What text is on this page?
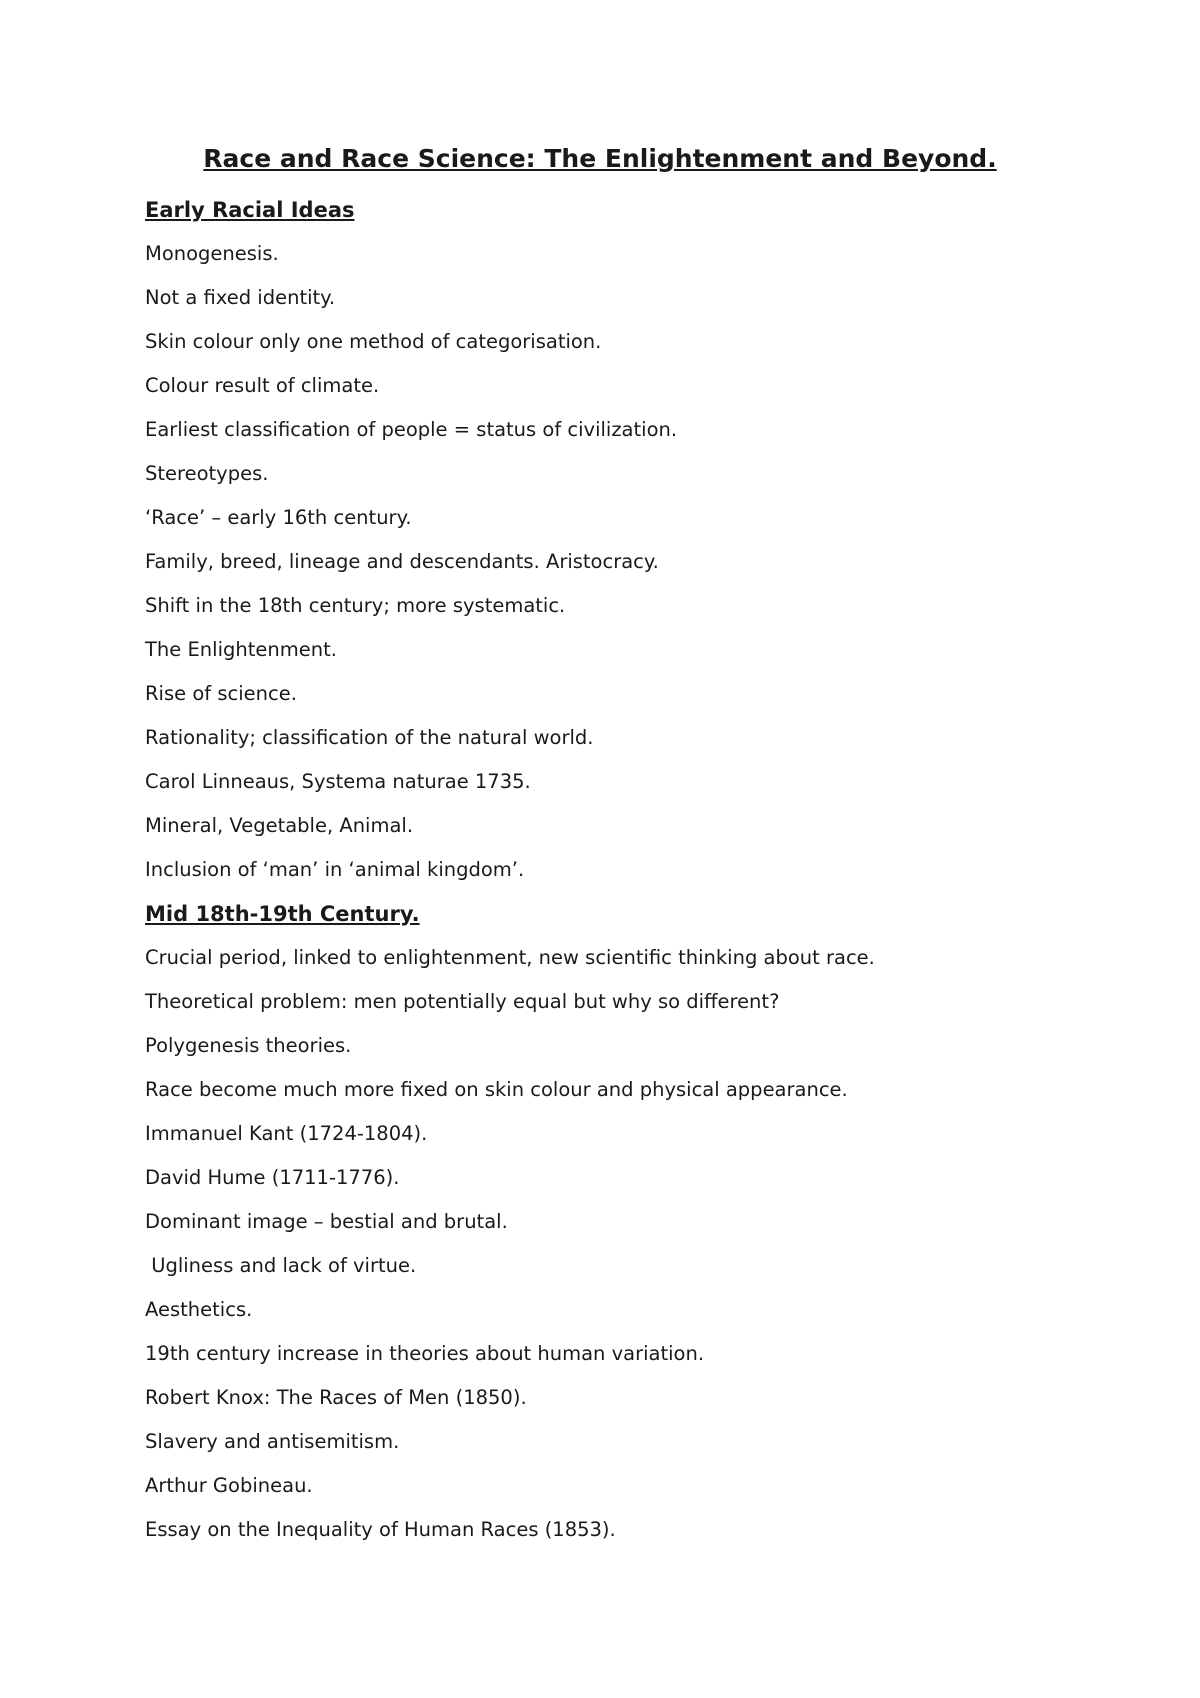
Race and Race Science: The Enlightenment and Beyond.
Early Racial Ideas

Monogenesis.

Not a fixed identity.

Skin colour only one method of categorisation.

Colour result of climate.

Earliest classification of people = status of civilization.

Stereotypes.

‘Race’ – early 16th century.

Family, breed, lineage and descendants. Aristocracy.

Shift in the 18th century; more systematic.

The Enlightenment.

Rise of science.

Rationality; classification of the natural world.

Carol Linneaus, Systema naturae 1735.

Mineral, Vegetable, Animal.

Inclusion of ‘man’ in ‘animal kingdom’.

Mid 18th-19th Century.

Crucial period, linked to enlightenment, new scientific thinking about race.

Theoretical problem: men potentially equal but why so different?

Polygenesis theories.

Race become much more fixed on skin colour and physical appearance.

Immanuel Kant (1724-1804).

David Hume (1711-1776).

Dominant image – bestial and brutal.

Ugliness and lack of virtue.

Aesthetics.

19th century increase in theories about human variation.

Robert Knox: The Races of Men (1850).

Slavery and antisemitism.

Arthur Gobineau.

Essay on the Inequality of Human Races (1853).
